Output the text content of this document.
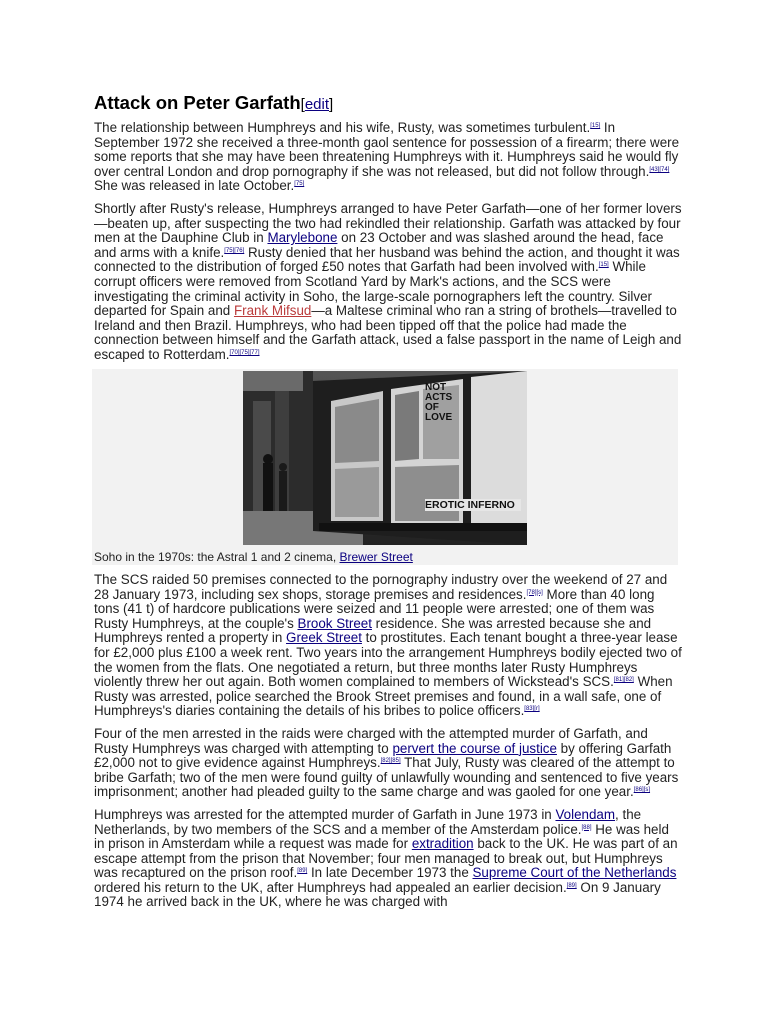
Attack on Peter Garfath[edit]

The relationship between Humphreys and his wife, Rusty, was sometimes turbulent.[15] In September 1972 she received a three-month gaol sentence for possession of a firearm; there were some reports that she may have been threatening Humphreys with it. Humphreys said he would fly over central London and drop pornography if she was not released, but did not follow through.[43][74] She was released in late October.[75]

Shortly after Rusty's release, Humphreys arranged to have Peter Garfath—one of her former lovers—beaten up, after suspecting the two had rekindled their relationship. Garfath was attacked by four men at the Dauphine Club in Marylebone on 23 October and was slashed around the head, face and arms with a knife.[75][76] Rusty denied that her husband was behind the action, and thought it was connected to the distribution of forged £50 notes that Garfath had been involved with.[15] While corrupt officers were removed from Scotland Yard by Mark's actions, and the SCS were investigating the criminal activity in Soho, the large-scale pornographers left the country. Silver departed for Spain and Frank Mifsud—a Maltese criminal who ran a string of brothels—travelled to Ireland and then Brazil. Humphreys, who had been tipped off that the police had made the connection between himself and the Garfath attack, used a false passport in the name of Leigh and escaped to Rotterdam.[70][75][77]

NOT ACTS OF LOVE
EROTIC INFERNO
Soho in the 1970s: the Astral 1 and 2 cinema, Brewer Street

The SCS raided 50 premises connected to the pornography industry over the weekend of 27 and 28 January 1973, including sex shops, storage premises and residences.[78][s] More than 40 long tons (41 t) of hardcore publications were seized and 11 people were arrested; one of them was Rusty Humphreys, at the couple's Brook Street residence. She was arrested because she and Humphreys rented a property in Greek Street to prostitutes. Each tenant bought a three-year lease for £2,000 plus £100 a week rent. Two years into the arrangement Humphreys bodily ejected two of the women from the flats. One negotiated a return, but three months later Rusty Humphreys violently threw her out again. Both women complained to members of Wickstead's SCS.[81][82] When Rusty was arrested, police searched the Brook Street premises and found, in a wall safe, one of Humphreys's diaries containing the details of his bribes to police officers.[83][r]

Four of the men arrested in the raids were charged with the attempted murder of Garfath, and Rusty Humphreys was charged with attempting to pervert the course of justice by offering Garfath £2,000 not to give evidence against Humphreys.[82][85] That July, Rusty was cleared of the attempt to bribe Garfath; two of the men were found guilty of unlawfully wounding and sentenced to five years imprisonment; another had pleaded guilty to the same charge and was gaoled for one year.[86][s]

Humphreys was arrested for the attempted murder of Garfath in June 1973 in Volendam, the Netherlands, by two members of the SCS and a member of the Amsterdam police.[88] He was held in prison in Amsterdam while a request was made for extradition back to the UK. He was part of an escape attempt from the prison that November; four men managed to break out, but Humphreys was recaptured on the prison roof.[89] In late December 1973 the Supreme Court of the Netherlands ordered his return to the UK, after Humphreys had appealed an earlier decision.[89] On 9 January 1974 he arrived back in the UK, where he was charged with
